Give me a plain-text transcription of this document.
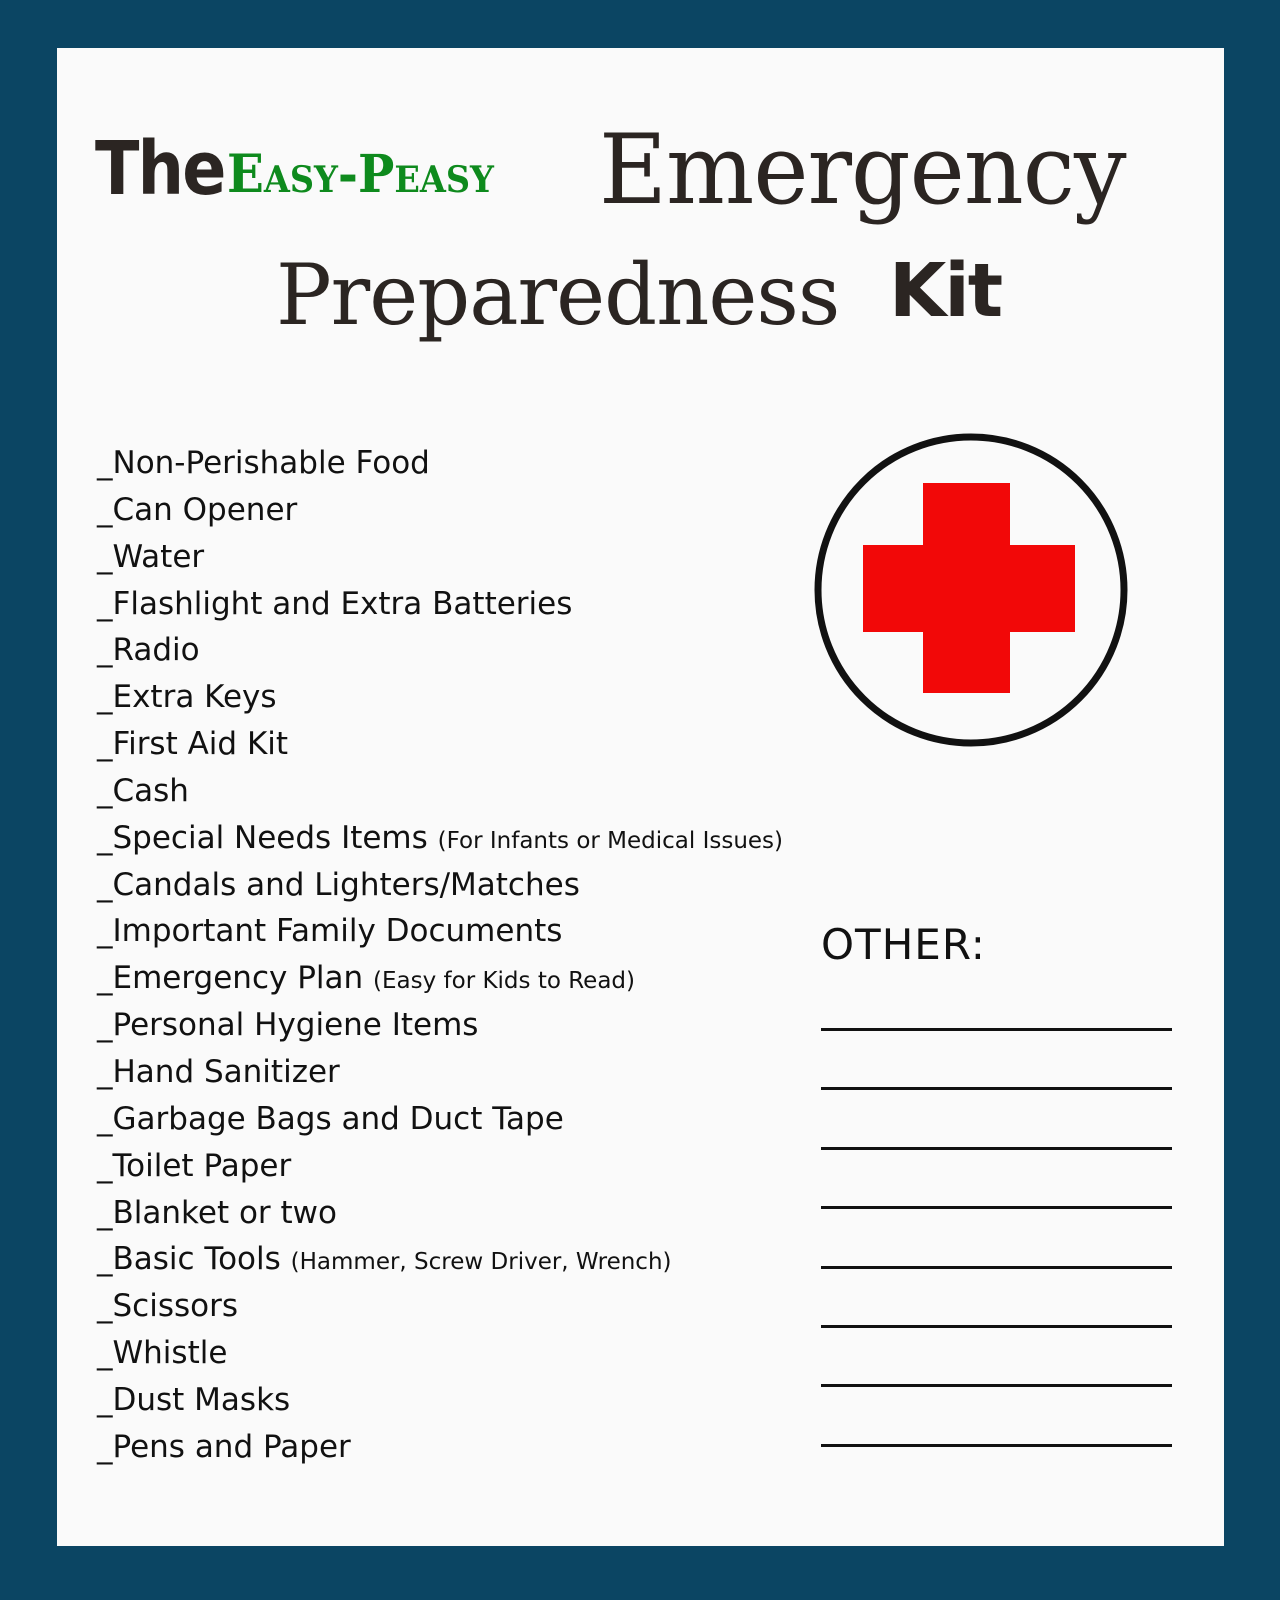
The Easy-Peasy Emergency
Preparedness Kit
_Non-Perishable Food
_Can Opener
_Water
_Flashlight and Extra Batteries
_Radio
_Extra Keys
_First Aid Kit
_Cash
_Special Needs Items (For Infants or Medical Issues)
_Candals and Lighters/Matches
_Important Family Documents
_Emergency Plan (Easy for Kids to Read)
_Personal Hygiene Items
_Hand Sanitizer
_Garbage Bags and Duct Tape
_Toilet Paper
_Blanket or two
_Basic Tools (Hammer, Screw Driver, Wrench)
_Scissors
_Whistle
_Dust Masks
_Pens and Paper
OTHER:
